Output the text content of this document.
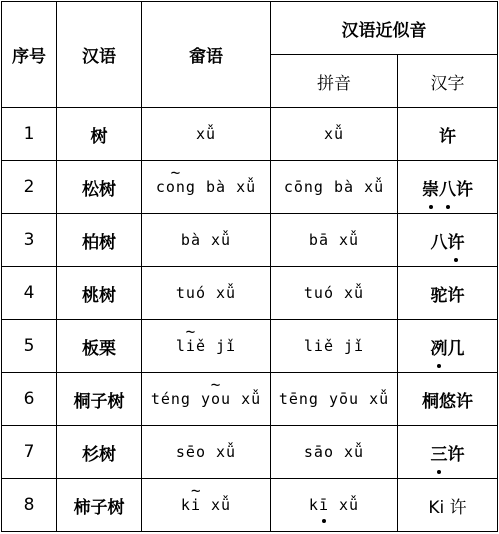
序号	汉语	畲语	汉语近似音	
			拼音	汉字
1	树	xǚ	xǚ	许
2	松树	~ cong bà xǚ	cōng bà xǚ	崇八许
3	柏树	bà xǚ	bā xǚ	八许
4	桃树	tuó xǚ	tuó xǚ	驼许
5	板栗	~ liě jǐ	liě jǐ	冽几
6	桐子树	téng ~ you xǚ	tēng yōu xǚ	桐悠许
7	杉树	sēo xǚ	sāo xǚ	三许
8	柿子树	k~ i xǚ	kī xǚ	Ki 许
